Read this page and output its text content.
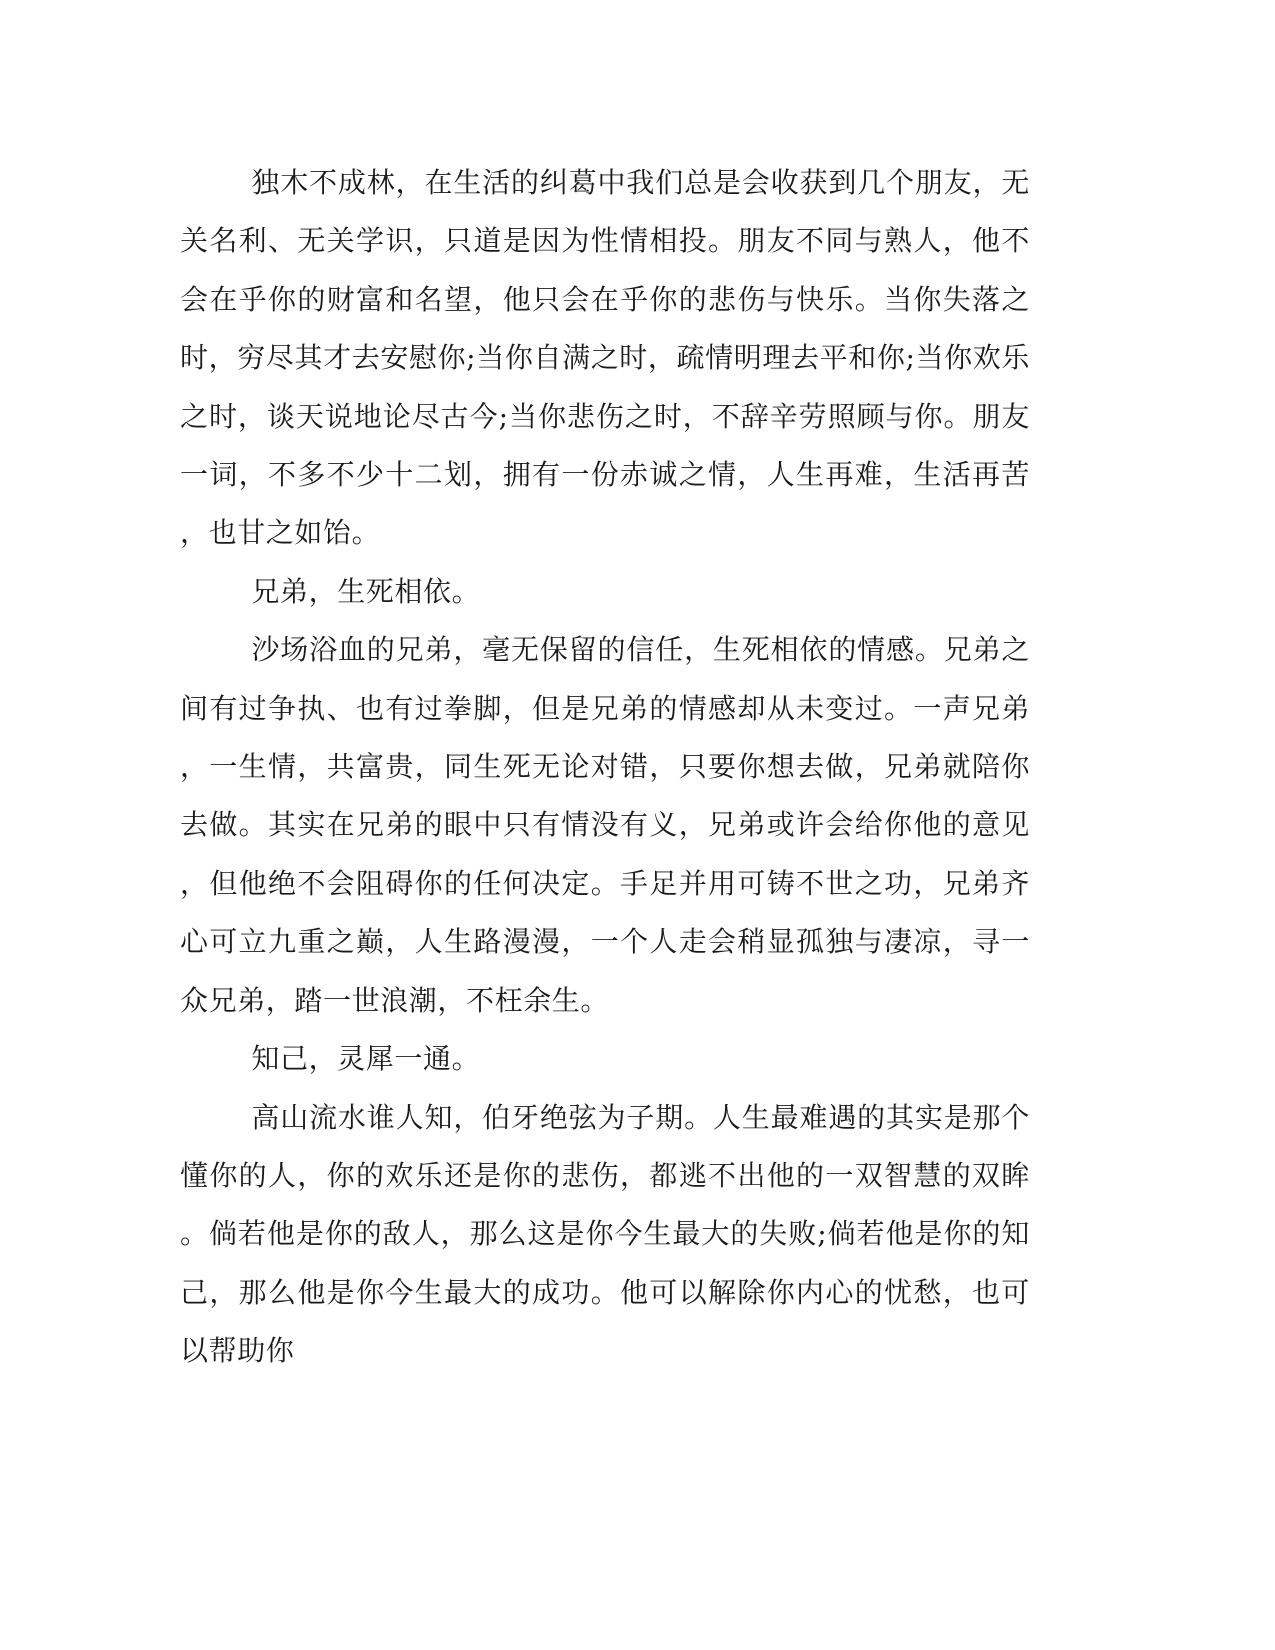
独木不成林，在生活的纠葛中我们总是会收获到几个朋友，无关名利、无关学识，只道是因为性情相投。朋友不同与熟人，他不会在乎你的财富和名望，他只会在乎你的悲伤与快乐。当你失落之时，穷尽其才去安慰你;当你自满之时，疏情明理去平和你;当你欢乐之时，谈天说地论尽古今;当你悲伤之时，不辞辛劳照顾与你。朋友一词，不多不少十二划，拥有一份赤诚之情，人生再难，生活再苦，也甘之如饴。

兄弟，生死相依。

沙场浴血的兄弟，毫无保留的信任，生死相依的情感。兄弟之间有过争执、也有过拳脚，但是兄弟的情感却从未变过。一声兄弟，一生情，共富贵，同生死无论对错，只要你想去做，兄弟就陪你去做。其实在兄弟的眼中只有情没有义，兄弟或许会给你他的意见，但他绝不会阻碍你的任何决定。手足并用可铸不世之功，兄弟齐心可立九重之巅，人生路漫漫，一个人走会稍显孤独与凄凉，寻一众兄弟，踏一世浪潮，不枉余生。

知己，灵犀一通。

高山流水谁人知，伯牙绝弦为子期。人生最难遇的其实是那个懂你的人，你的欢乐还是你的悲伤，都逃不出他的一双智慧的双眸。倘若他是你的敌人，那么这是你今生最大的失败;倘若他是你的知己，那么他是你今生最大的成功。他可以解除你内心的忧愁，也可以帮助你
